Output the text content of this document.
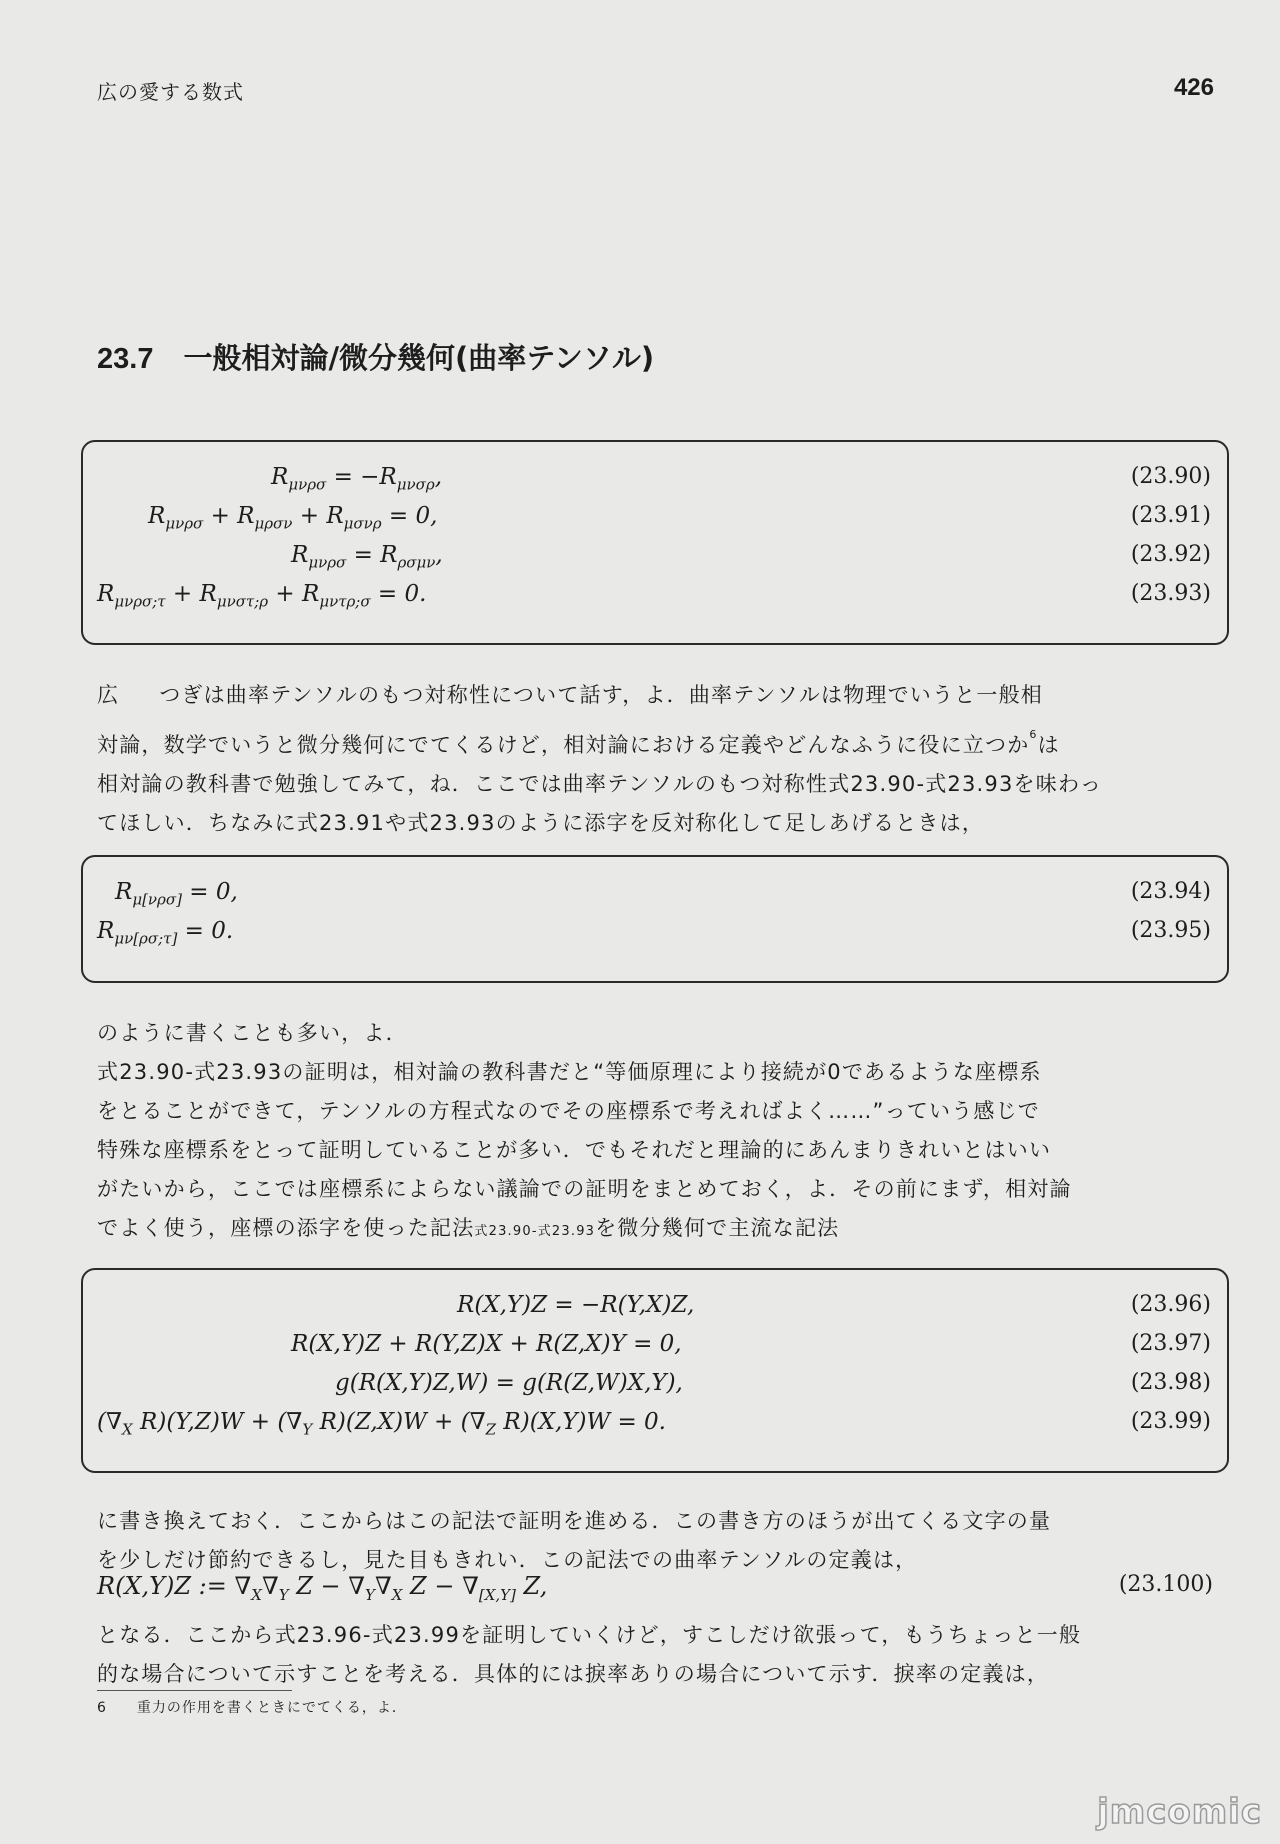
広の愛する数式	426
23.7 一般相対論/微分幾何(曲率テンソル)
$R_{\mu\nu\rho\sigma} = -R_{\mu\nu\sigma\rho}$,	(23.90)
$R_{\mu\nu\rho\sigma} + R_{\mu\rho\sigma\nu} + R_{\mu\sigma\nu\rho} = 0$,	(23.91)
$R_{\mu\nu\rho\sigma} = R_{\rho\sigma\mu\nu}$,	(23.92)
$R_{\mu\nu\rho\sigma;\tau} + R_{\mu\nu\sigma\tau;\rho} + R_{\mu\nu\tau\rho;\sigma} = 0$.	(23.93)

広 つぎは曲率テンソルのもつ対称性について話す，よ．曲率テンソルは物理でいうと一般相

対論，数学でいうと微分幾何にでてくるけど，相対論における定義やどんなふうに役に立つか$^6$は

相対論の教科書で勉強してみて，ね．ここでは曲率テンソルのもつ対称性式23.90-式23.93を味わっ

てほしい．ちなみに式23.91や式23.93のように添字を反対称化して足しあげるときは，

$R_{\mu[\nu\rho\sigma]} = 0$,	(23.94)
$R_{\mu\nu[\rho\sigma;\tau]} = 0$.	(23.95)

のように書くことも多い，よ．

式23.90-式23.93の証明は，相対論の教科書だと“等価原理により接続が0であるような座標系

をとることができて，テンソルの方程式なのでその座標系で考えればよく……”っていう感じで

特殊な座標系をとって証明していることが多い．でもそれだと理論的にあんまりきれいとはいい

がたいから，ここでは座標系によらない議論での証明をまとめておく，よ．その前にまず，相対論

でよく使う，座標の添字を使った記法式23.90-式23.93を微分幾何で主流な記法

R(X,Y)Z = −R(Y,X)Z,	(23.96)
R(X,Y)Z + R(Y,Z)X + R(Z,X)Y = 0,	(23.97)
g(R(X,Y)Z,W) = g(R(Z,W)X,Y),	(23.98)
($\nabla_X$ $R)(Y,Z)W + (\nabla_Y$ $R)(Z,X)W + (\nabla_Z$ R)(X,Y)W = 0.	(23.99)

に書き換えておく．ここからはこの記法で証明を進める．この書き方のほうが出てくる文字の量

を少しだけ節約できるし，見た目もきれい．この記法での曲率テンソルの定義は，

R(X,Y)Z := $\nabla_X\nabla_Y$ $Z - \nabla_Y\nabla_X$ $Z - \nabla_{[X,Y]}$ Z,	(23.100)

となる．ここから式23.96-式23.99を証明していくけど，すこしだけ欲張って，もうちょっと一般

的な場合について示すことを考える．具体的には捩率ありの場合について示す．捩率の定義は，

6 重力の作用を書くときにでてくる，よ．
jmcomic
